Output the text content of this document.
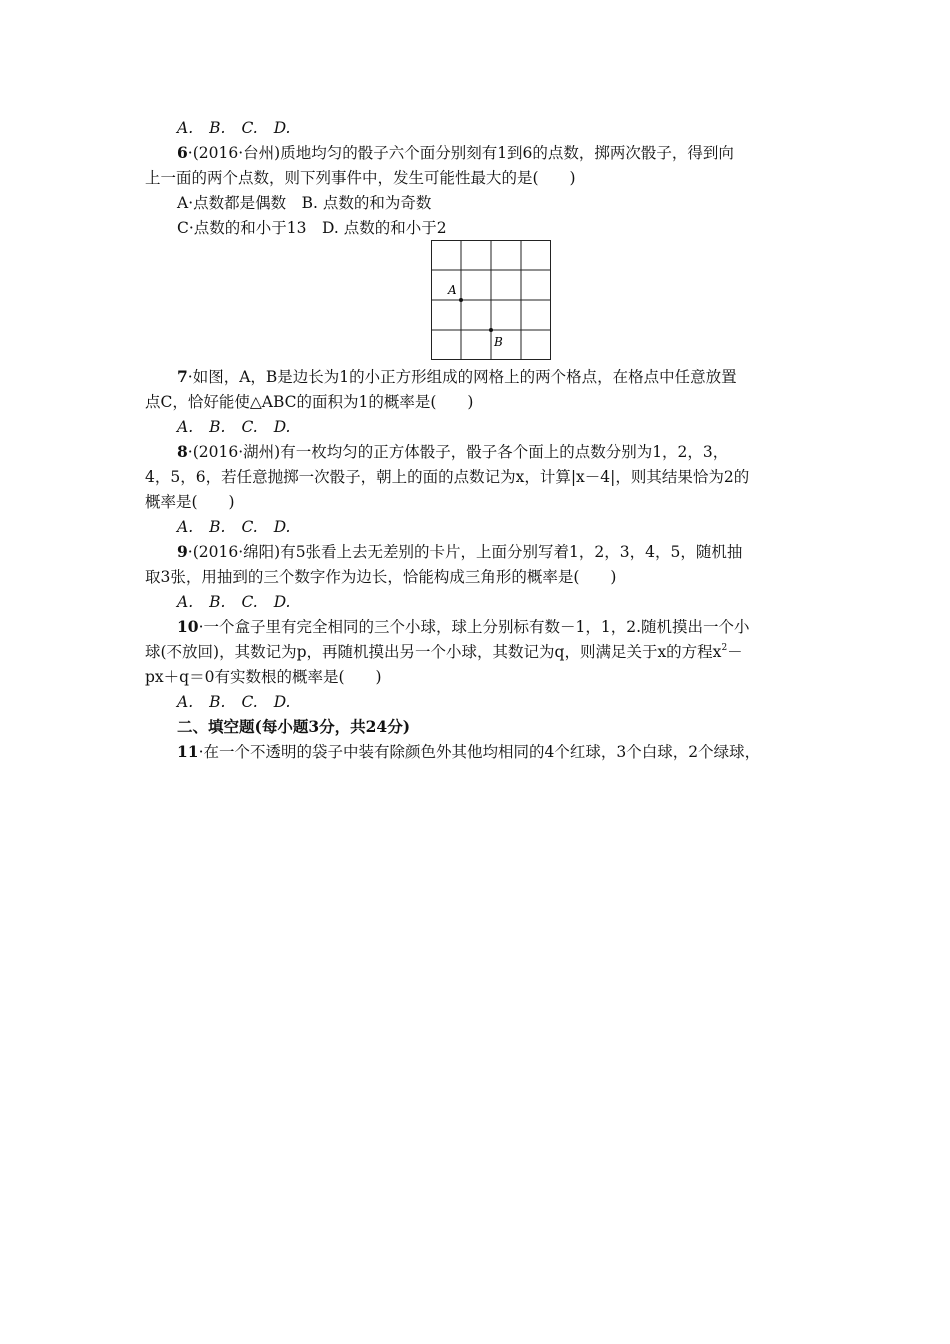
A. B. C. D.
6·(2016·台州)质地均匀的骰子六个面分别刻有1到6的点数，掷两次骰子，得到向
上一面的两个点数，则下列事件中，发生可能性最大的是(　　)
A·点数都是偶数　B. 点数的和为奇数
C·点数的和小于13　D. 点数的和小于2
A
B
7·如图，A，B是边长为1的小正方形组成的网格上的两个格点，在格点中任意放置
点C，恰好能使△ABC的面积为1的概率是(　　)
A. B. C. D.
8·(2016·湖州)有一枚均匀的正方体骰子，骰子各个面上的点数分别为1，2，3，
4，5，6，若任意抛掷一次骰子，朝上的面的点数记为x，计算|x－4|，则其结果恰为2的
概率是(　　)
A. B. C. D.
9·(2016·绵阳)有5张看上去无差别的卡片，上面分别写着1，2，3，4，5，随机抽
取3张，用抽到的三个数字作为边长，恰能构成三角形的概率是(　　)
A. B. C. D.
10·一个盒子里有完全相同的三个小球，球上分别标有数－1，1，2.随机摸出一个小
球(不放回)，其数记为p，再随机摸出另一个小球，其数记为q，则满足关于x的方程$x^2-$
px＋q＝0有实数根的概率是(　　)
A. B. C. D.
二、填空题(每小题3分，共24分)
11·在一个不透明的袋子中装有除颜色外其他均相同的4个红球，3个白球，2个绿球，
